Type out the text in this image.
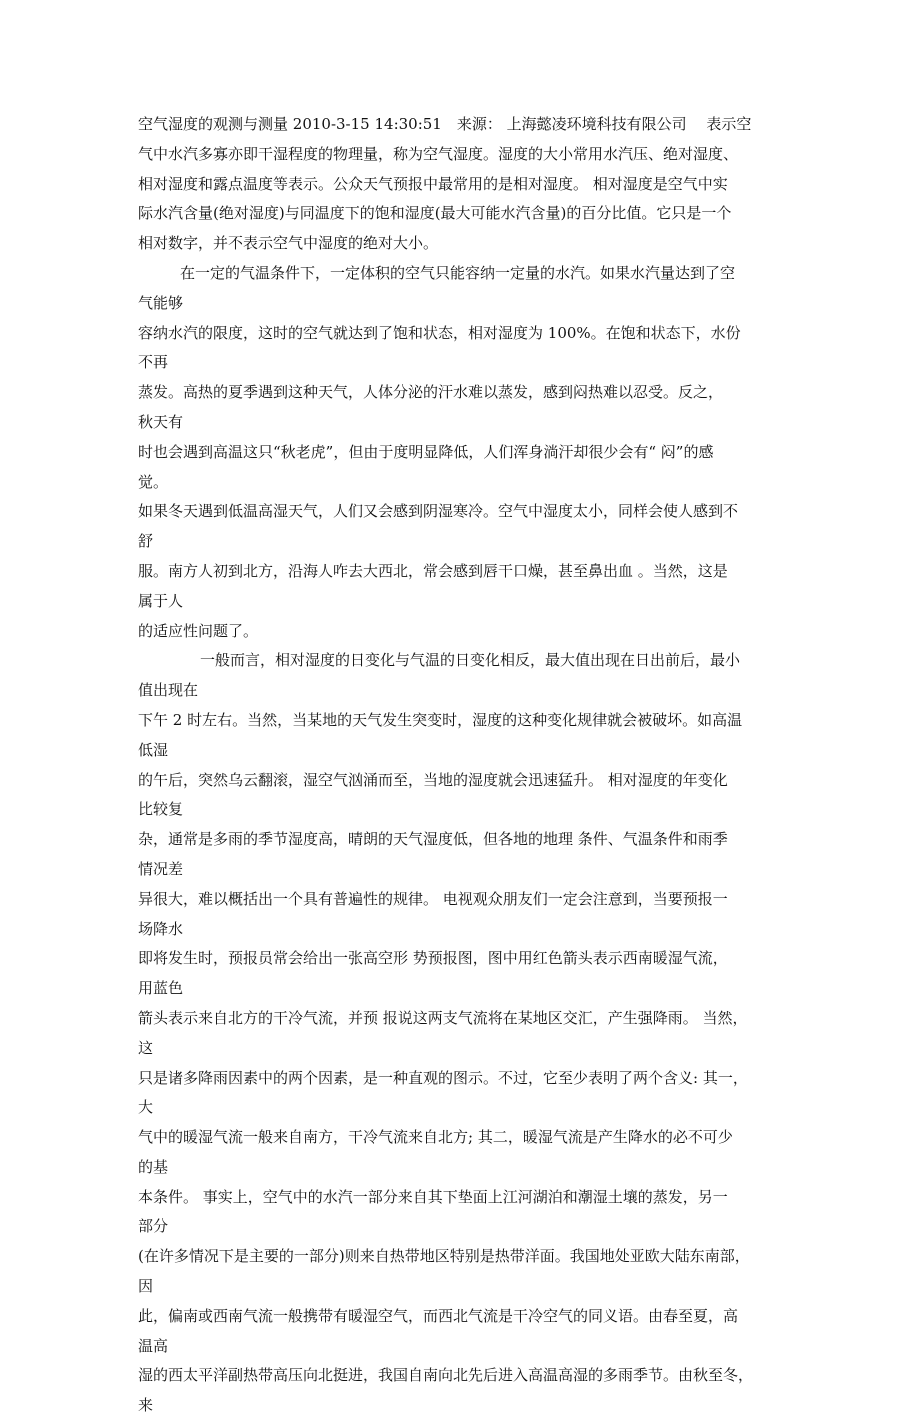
空气湿度的观测与测量 2010-3-15 14:30:51　来源： 上海懿凌环境科技有限公司　 表示空
气中水汽多寡亦即干湿程度的物理量，称为空气湿度。湿度的大小常用水汽压、绝对湿度、
相对湿度和露点温度等表示。公众天气预报中最常用的是相对湿度。 相对湿度是空气中实
际水汽含量(绝对湿度)与同温度下的饱和湿度(最大可能水汽含量)的百分比值。它只是一个
相对数字，并不表示空气中湿度的绝对大小。
在一定的气温条件下，一定体积的空气只能容纳一定量的水汽。如果水汽量达到了空
气能够
容纳水汽的限度，这时的空气就达到了饱和状态，相对湿度为 100%。在饱和状态下，水份
不再
蒸发。高热的夏季遇到这种天气，人体分泌的汗水难以蒸发，感到闷热难以忍受。反之，
秋天有
时也会遇到高温这只“秋老虎”，但由于度明显降低，人们浑身淌汗却很少会有“ 闷”的感
觉。
如果冬天遇到低温高湿天气，人们又会感到阴湿寒冷。空气中湿度太小，同样会使人感到不
舒
服。南方人初到北方，沿海人咋去大西北，常会感到唇干口燥，甚至鼻出血 。当然，这是
属于人
的适应性问题了。
一般而言，相对湿度的日变化与气温的日变化相反，最大值出现在日出前后，最小
值出现在
下午 2 时左右。当然，当某地的天气发生突变时，湿度的这种变化规律就会被破坏。如高温
低湿
的午后，突然乌云翻滚，湿空气汹涌而至，当地的湿度就会迅速猛升。 相对湿度的年变化
比较复
杂，通常是多雨的季节湿度高，晴朗的天气湿度低，但各地的地理 条件、气温条件和雨季
情况差
异很大，难以概括出一个具有普遍性的规律。 电视观众朋友们一定会注意到，当要预报一
场降水
即将发生时，预报员常会给出一张高空形 势预报图，图中用红色箭头表示西南暖湿气流，
用蓝色
箭头表示来自北方的干冷气流，并预 报说这两支气流将在某地区交汇，产生强降雨。 当然，
这
只是诸多降雨因素中的两个因素，是一种直观的图示。不过，它至少表明了两个含义: 其一，
大
气中的暖湿气流一般来自南方，干冷气流来自北方; 其二，暖湿气流是产生降水的必不可少
的基
本条件。 事实上，空气中的水汽一部分来自其下垫面上江河湖泊和潮湿土壤的蒸发，另一
部分
(在许多情况下是主要的一部分)则来自热带地区特别是热带洋面。我国地处亚欧大陆东南部，
因
此，偏南或西南气流一般携带有暖湿空气，而西北气流是干冷空气的同义语。由春至夏，高
温高
湿的西太平洋副热带高压向北挺进，我国自南向北先后进入高温高湿的多雨季节。由秋至冬，
来
